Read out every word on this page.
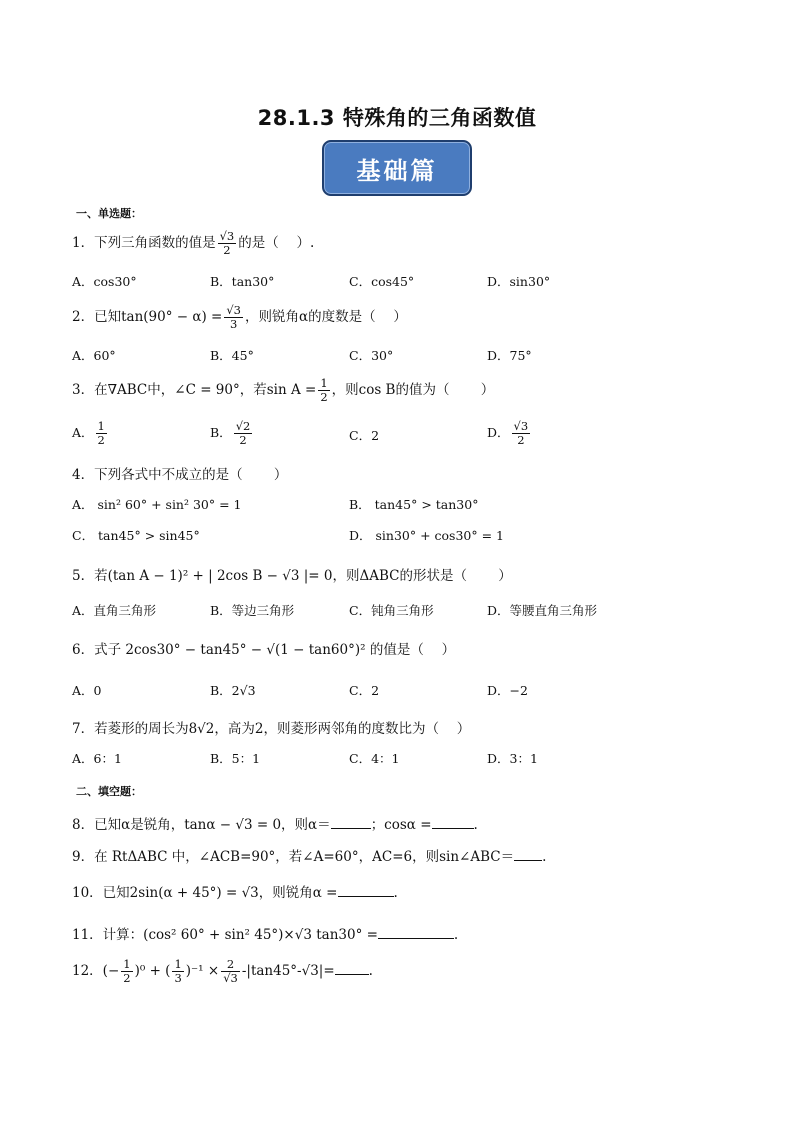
28.1.3 特殊角的三角函数值
基础篇
一、单选题：
1．下列三角函数的值是 $\frac{√3}{2}$ 的是（　 ）.
A．cos30°	B．tan30°	C．cos45°	D．sin30°
2．已知$\tan(90^\circ - \alpha) = \frac{√3}{3}$ ，则锐角α的度数是（　 ）
A．60°	B．45°	C．30°	D．75°
3．在∇ABC中，∠C = 90°，若$\sin A = \frac{1}{2}$ ，则cos B的值为（　　 ）
A． $\frac{1}{2}$	B． $\frac{√2}{2}$	C．2	D． $\frac{√3}{2}$
4．下列各式中不成立的是（　　 ）
A． sin² 60° + sin² 30° = 1	B． tan45° > tan30°
C． tan45° > sin45°	D． sin30° + cos30° = 1
5．若(tan A − 1)² + | 2cos B − √3 |= 0，则ΔABC的形状是（　　 ）
A．直角三角形	B．等边三角形	C．钝角三角形	D．等腰直角三角形
6．式子 2cos30° − tan45° − √(1 − tan60°)² 的值是（　 ）
A．0	B．2√3	C．2	D．−2
7．若菱形的周长为8√2，高为2，则菱形两邻角的度数比为（　 ）
A．6：1	B．5：1	C．4：1	D．3：1
二、填空题：
8．已知α是锐角，tanα − √3 = 0，则α＝	；cosα =	.
9．在 RtΔABC 中，∠ACB=90°，若∠A=60°，AC=6，则sin∠ABC＝ .
10．已知2sin(α + 45°) = √3，则锐角α =	.
11．计算：(cos² 60° + sin² 45°)×√3 tan30° =	.
12．(− $\frac{1}{2} )^0$ + ( $\frac{1}{3} )^{-1} \times \frac{2}{√3} -|\tan 45^\circ-√3|=$	.
